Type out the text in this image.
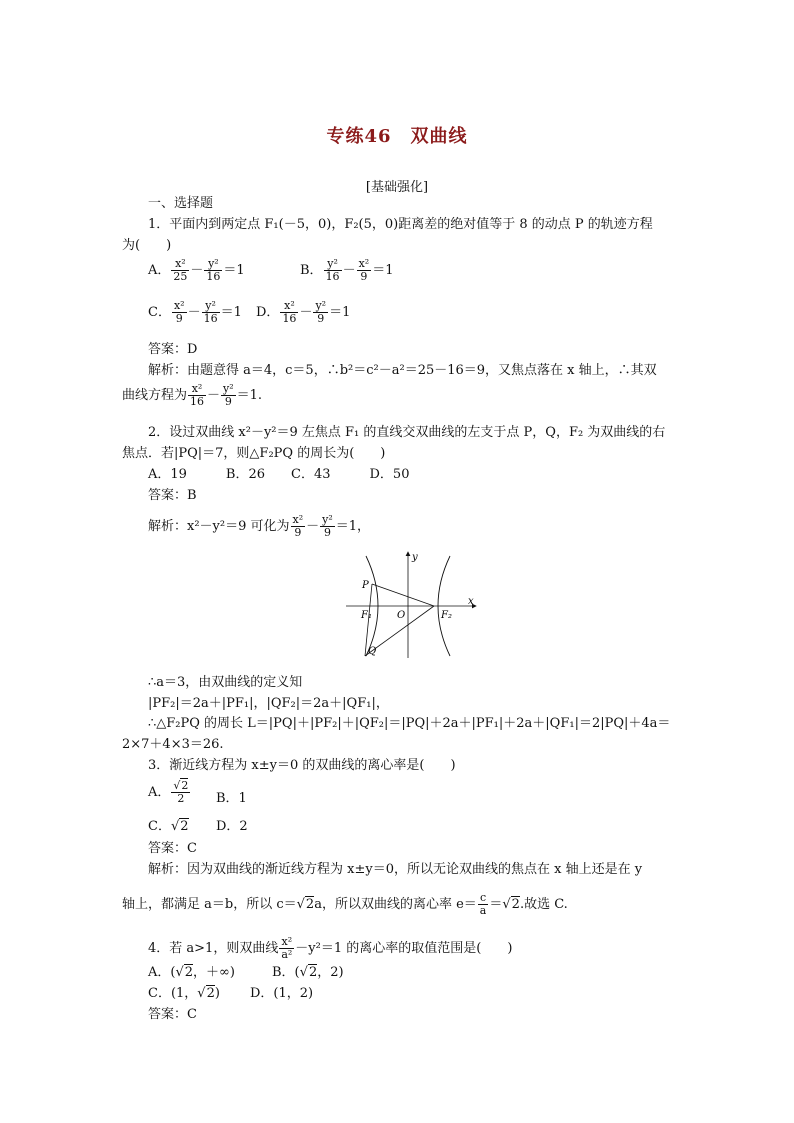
专练46　双曲线
[基础强化]
一、选择题
1．平面内到两定点 F₁(－5，0)，F₂(5，0)距离差的绝对值等于 8 的动点 P 的轨迹方程
为(　　)
A． $\frac{\text{x²}}{25} - \frac{\text{y²}}{16} =1$	B． $\frac{\text{y²}}{16} - \frac{\text{x²}}{9} =1$
C． $\frac{\text{x²}}{9} - \frac{\text{y²}}{16} =1$ D． $\frac{\text{x²}}{16} - \frac{\text{y²}}{9} =1$
答案：D
解析：由题意得 a＝4，c＝5，∴b²＝c²－a²＝25－16＝9，又焦点落在 x 轴上，∴其双
曲线方程为 $\frac{\text{x²}}{16} - \frac{\text{y²}}{9} =1$.
2．设过双曲线 x²－y²＝9 左焦点 F₁ 的直线交双曲线的左支于点 P，Q，F₂ 为双曲线的右
焦点．若|PQ|＝7，则△F₂PQ 的周长为(　　)
A．19　　　B．26　　C．43　　　D．50
答案：B
解析：x²－y²＝9 可化为 $\frac{\text{x²}}{9} - \frac{\text{y²}}{9} =1$，
y
x
P
O
F₁	F₂
Q
∴a＝3，由双曲线的定义知
|PF₂|＝2a＋|PF₁|，|QF₂|＝2a＋|QF₁|，
∴△F₂PQ 的周长 L＝|PQ|＋|PF₂|＋|QF₂|＝|PQ|＋2a＋|PF₁|＋2a＋|QF₁|＝2|PQ|＋4a＝
2×7＋4×3＝26.
3．渐近线方程为 x±y＝0 的双曲线的离心率是(　　)
A． $\frac{√2}{2}$ B．1
C．√2 D．2
答案：C
解析：因为双曲线的渐近线方程为 x±y＝0，所以无论双曲线的焦点在 x 轴上还是在 y
轴上，都满足 a＝b，所以 c＝√2a，所以双曲线的离心率 $e= \frac{c}{a} =√2$.故选 C.
4．若 a>1，则双曲线 $\frac{\text{x²}}{\text{a²}} -y^2=1$ 的离心率的取值范围是(　　)
A．(√2，＋∞)	B．(√2，2)
C．(1，√2) D．(1，2)
答案：C
